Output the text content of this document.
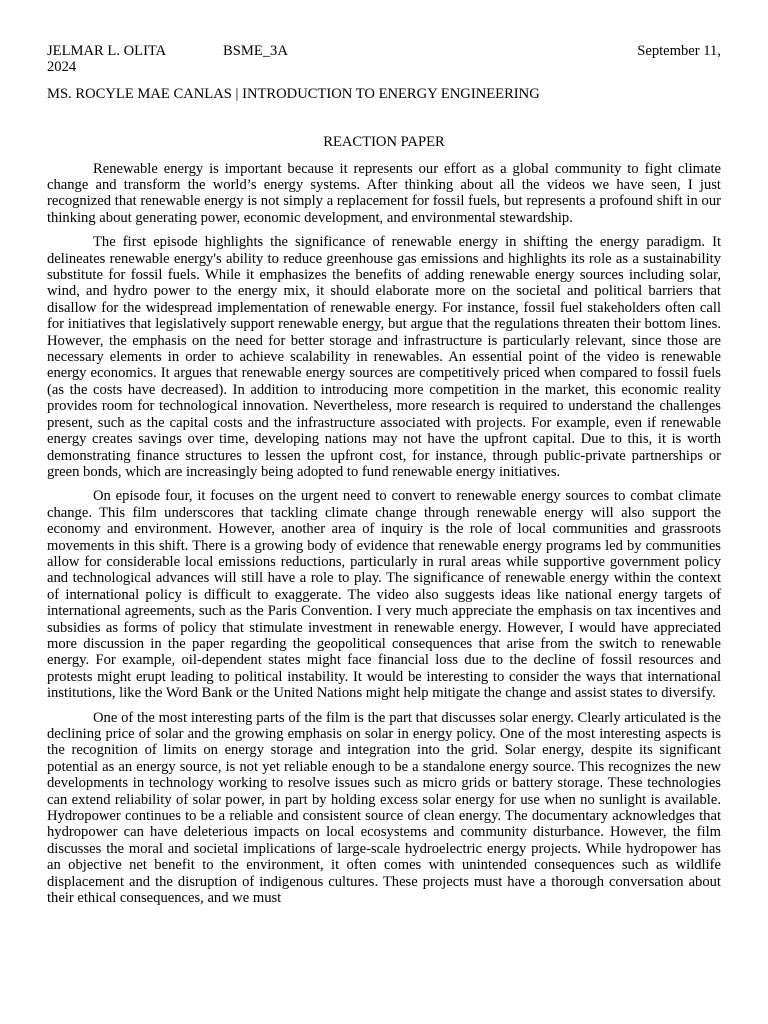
JELMAR L. OLITA	BSME_3A	September 11,
2024
MS. ROCYLE MAE CANLAS | INTRODUCTION TO ENERGY ENGINEERING
REACTION PAPER

Renewable energy is important because it represents our effort as a global community to fight climate change and transform the world’s energy systems. After thinking about all the videos we have seen, I just recognized that renewable energy is not simply a replacement for fossil fuels, but represents a profound shift in our thinking about generating power, economic development, and environmental stewardship.

The first episode highlights the significance of renewable energy in shifting the energy paradigm. It delineates renewable energy's ability to reduce greenhouse gas emissions and highlights its role as a sustainability substitute for fossil fuels. While it emphasizes the benefits of adding renewable energy sources including solar, wind, and hydro power to the energy mix, it should elaborate more on the societal and political barriers that disallow for the widespread implementation of renewable energy. For instance, fossil fuel stakeholders often call for initiatives that legislatively support renewable energy, but argue that the regulations threaten their bottom lines. However, the emphasis on the need for better storage and infrastructure is particularly relevant, since those are necessary elements in order to achieve scalability in renewables. An essential point of the video is renewable energy economics. It argues that renewable energy sources are competitively priced when compared to fossil fuels (as the costs have decreased). In addition to introducing more competition in the market, this economic reality provides room for technological innovation. Nevertheless, more research is required to understand the challenges present, such as the capital costs and the infrastructure associated with projects. For example, even if renewable energy creates savings over time, developing nations may not have the upfront capital. Due to this, it is worth demonstrating finance structures to lessen the upfront cost, for instance, through public-private partnerships or green bonds, which are increasingly being adopted to fund renewable energy initiatives.

On episode four, it focuses on the urgent need to convert to renewable energy sources to combat climate change. This film underscores that tackling climate change through renewable energy will also support the economy and environment. However, another area of inquiry is the role of local communities and grassroots movements in this shift. There is a growing body of evidence that renewable energy programs led by communities allow for considerable local emissions reductions, particularly in rural areas while supportive government policy and technological advances will still have a role to play. The significance of renewable energy within the context of international policy is difficult to exaggerate. The video also suggests ideas like national energy targets of international agreements, such as the Paris Convention. I very much appreciate the emphasis on tax incentives and subsidies as forms of policy that stimulate investment in renewable energy. However, I would have appreciated more discussion in the paper regarding the geopolitical consequences that arise from the switch to renewable energy. For example, oil-dependent states might face financial loss due to the decline of fossil resources and protests might erupt leading to political instability. It would be interesting to consider the ways that international institutions, like the Word Bank or the United Nations might help mitigate the change and assist states to diversify.

One of the most interesting parts of the film is the part that discusses solar energy. Clearly articulated is the declining price of solar and the growing emphasis on solar in energy policy. One of the most interesting aspects is the recognition of limits on energy storage and integration into the grid. Solar energy, despite its significant potential as an energy source, is not yet reliable enough to be a standalone energy source. This recognizes the new developments in technology working to resolve issues such as micro grids or battery storage. These technologies can extend reliability of solar power, in part by holding excess solar energy for use when no sunlight is available. Hydropower continues to be a reliable and consistent source of clean energy. The documentary acknowledges that hydropower can have deleterious impacts on local ecosystems and community disturbance. However, the film discusses the moral and societal implications of large-scale hydroelectric energy projects. While hydropower has an objective net benefit to the environment, it often comes with unintended consequences such as wildlife displacement and the disruption of indigenous cultures. These projects must have a thorough conversation about their ethical consequences, and we must
